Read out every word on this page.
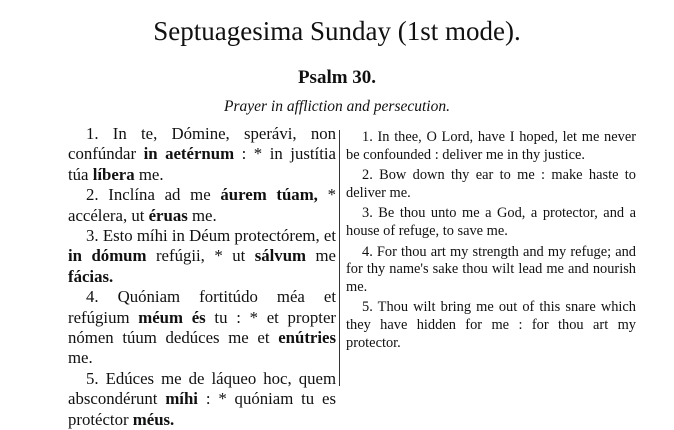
Septuagesima Sunday (1st mode).
Psalm 30.
Prayer in affliction and persecution.

1. In te, Dómine, sperávi, non confúndar in aetérnum : * in justítia túa líbera me.

2. Inclína ad me áurem túam, * accélera, ut éruas me.

3. Esto míhi in Déum protectórem, et in dómum refúgii, * ut sálvum me fácias.

4. Quóniam fortitúdo méa et refúgium méum és tu : * et propter nómen túum dedúces me et enútries me.

5. Edúces me de láqueo hoc, quem abscondérunt míhi : * quóniam tu es protéctor méus.

1. In thee, O Lord, have I hoped, let me never be confounded : deliver me in thy justice.

2. Bow down thy ear to me : make haste to deliver me.

3. Be thou unto me a God, a protector, and a house of refuge, to save me.

4. For thou art my strength and my refuge; and for thy name's sake thou wilt lead me and nourish me.

5. Thou wilt bring me out of this snare which they have hidden for me : for thou art my protector.
